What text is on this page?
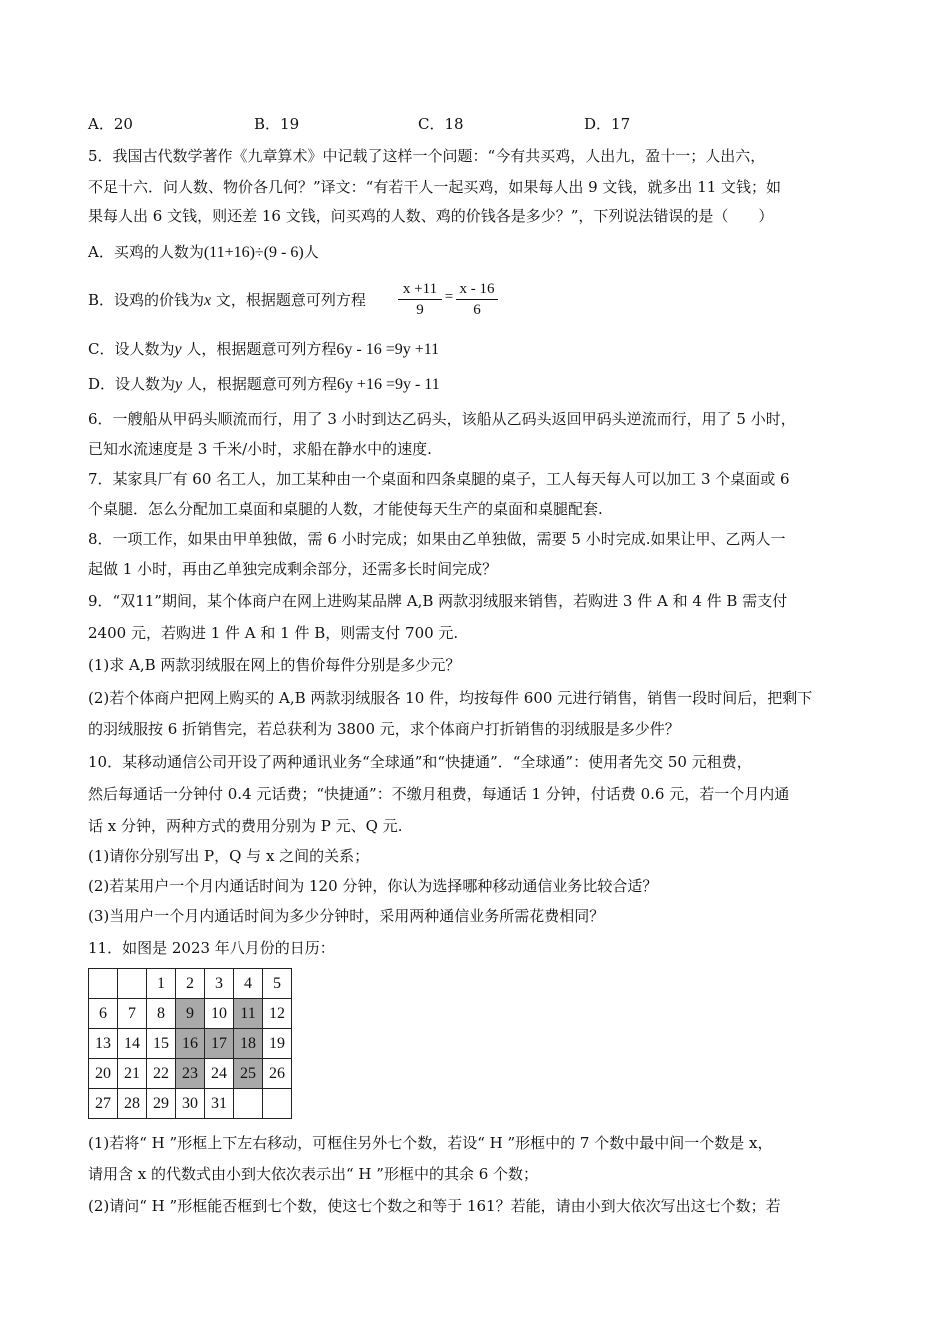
A．20	B．19	C．18	D．17
5．我国古代数学著作《九章算术》中记载了这样一个问题：“今有共买鸡，人出九，盈十一；人出六，
不足十六．问人数、物价各几何？”译文：“有若干人一起买鸡，如果每人出 9 文钱，就多出 11 文钱；如
果每人出 6 文钱，则还差 16 文钱，问买鸡的人数、鸡的价钱各是多少？”，下列说法错误的是（　　）
A．买鸡的人数为(11+16)÷(9 - 6)人
B．设鸡的价钱为x 文，根据题意可列方程 $\frac{x +11}{9} = \frac{x - 16}{6}$
C．设人数为y 人，根据题意可列方程6y - 16 =9y +11
D．设人数为y 人，根据题意可列方程6y +16 =9y - 11
6．一艘船从甲码头顺流而行，用了 3 小时到达乙码头，该船从乙码头返回甲码头逆流而行，用了 5 小时，
已知水流速度是 3 千米/小时，求船在静水中的速度.
7．某家具厂有 60 名工人，加工某种由一个桌面和四条桌腿的桌子，工人每天每人可以加工 3 个桌面或 6
个桌腿．怎么分配加工桌面和桌腿的人数，才能使每天生产的桌面和桌腿配套.
8．一项工作，如果由甲单独做，需 6 小时完成；如果由乙单独做，需要 5 小时完成.如果让甲、乙两人一
起做 1 小时，再由乙单独完成剩余部分，还需多长时间完成？
9．“双11”期间，某个体商户在网上进购某品牌 A,B 两款羽绒服来销售，若购进 3 件 A 和 4 件 B 需支付
2400 元，若购进 1 件 A 和 1 件 B，则需支付 700 元.
(1)求 A,B 两款羽绒服在网上的售价每件分别是多少元？
(2)若个体商户把网上购买的 A,B 两款羽绒服各 10 件，均按每件 600 元进行销售，销售一段时间后，把剩下
的羽绒服按 6 折销售完，若总获利为 3800 元，求个体商户打折销售的羽绒服是多少件？
10．某移动通信公司开设了两种通讯业务“全球通”和“快捷通”．“全球通”：使用者先交 50 元租费，
然后每通话一分钟付 0.4 元话费；“快捷通”：不缴月租费，每通话 1 分钟，付话费 0.6 元，若一个月内通
话 x 分钟，两种方式的费用分别为 P 元、Q 元.
(1)请你分别写出 P，Q 与 x 之间的关系；
(2)若某用户一个月内通话时间为 120 分钟，你认为选择哪种移动通信业务比较合适？
(3)当用户一个月内通话时间为多少分钟时，采用两种通信业务所需花费相同？
11．如图是 2023 年八月份的日历：
		1	2	3	4	5
6	7	8	9	10	11	12
13	14	15	16	17	18	19
20	21	22	23	24	25	26
27	28	29	30	31		
(1)若将“ H ”形框上下左右移动，可框住另外七个数，若设“ H ”形框中的 7 个数中最中间一个数是 x，
请用含 x 的代数式由小到大依次表示出“ H ”形框中的其余 6 个数；
(2)请问“ H ”形框能否框到七个数，使这七个数之和等于 161？若能，请由小到大依次写出这七个数；若
